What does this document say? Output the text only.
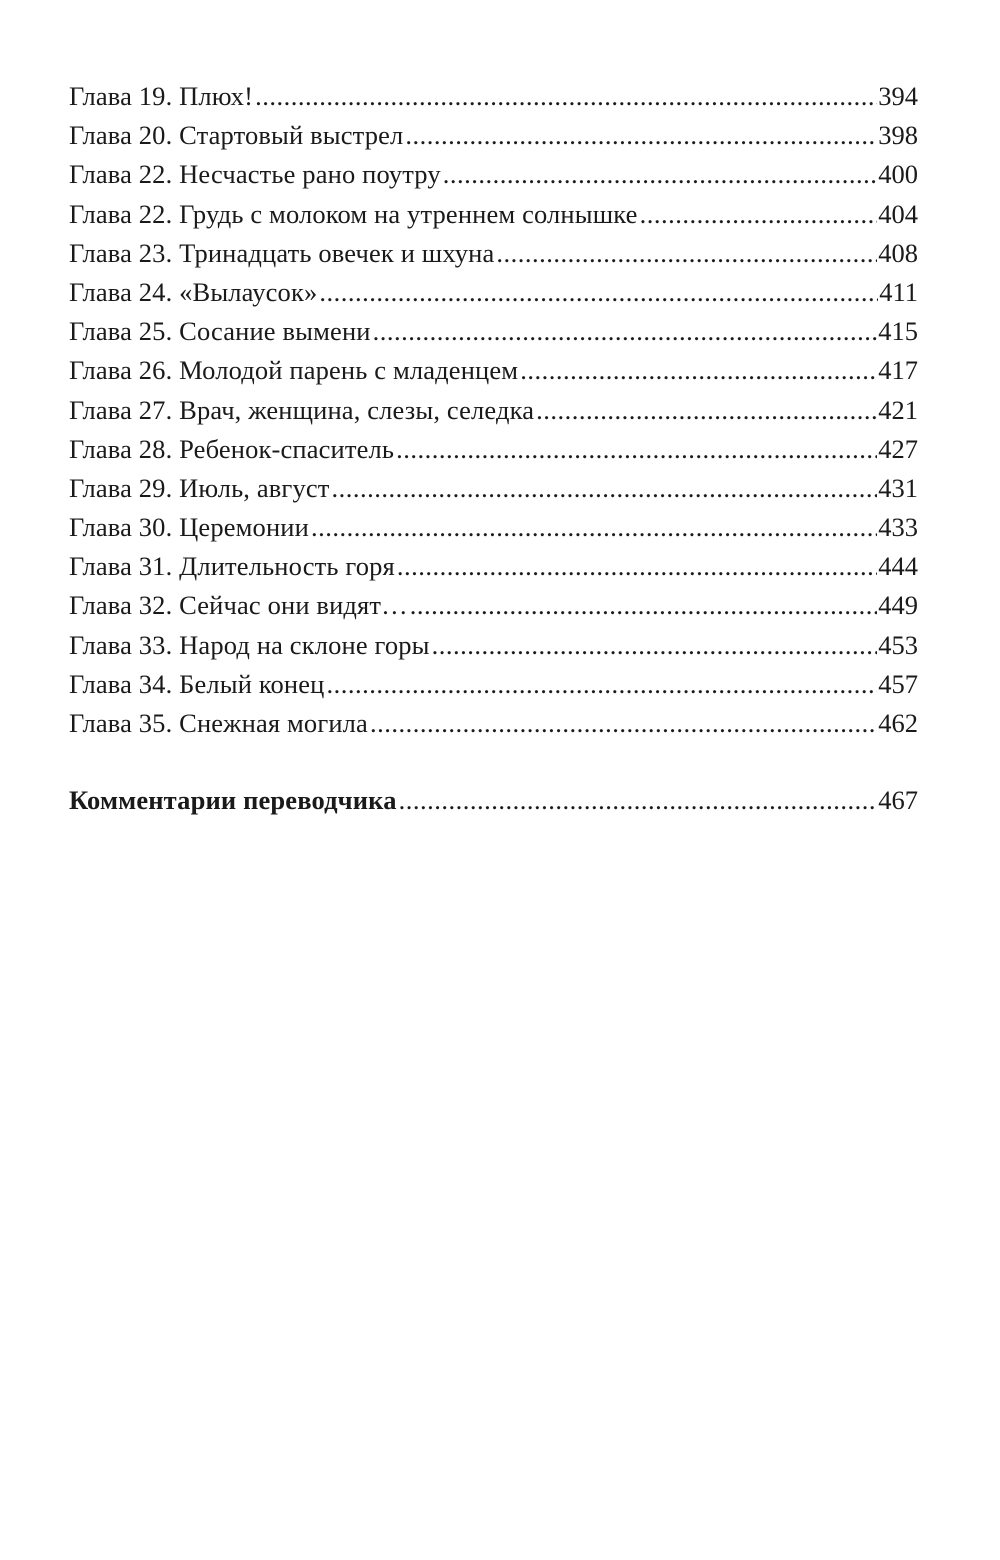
Глава 19. Плюх! .....	394
Глава 20. Стартовый выстрел .....	398
Глава 22. Несчастье рано поутру .....	400
Глава 22. Грудь с молоком на утреннем солнышке .....	404
Глава 23. Тринадцать овечек и шхуна .....	408
Глава 24. «Вылаусок» .....	411
Глава 25. Сосание вымени .....	415
Глава 26. Молодой парень с младенцем .....	417
Глава 27. Врач, женщина, слезы, селедка .....	421
Глава 28. Ребенок-спаситель .....	427
Глава 29. Июль, август .....	431
Глава 30. Церемонии .....	433
Глава 31. Длительность горя .....	444
Глава 32. Сейчас они видят… .....	449
Глава 33. Народ на склоне горы .....	453
Глава 34. Белый конец .....	457
Глава 35. Снежная могила .....	462
Комментарии переводчика .....	467
